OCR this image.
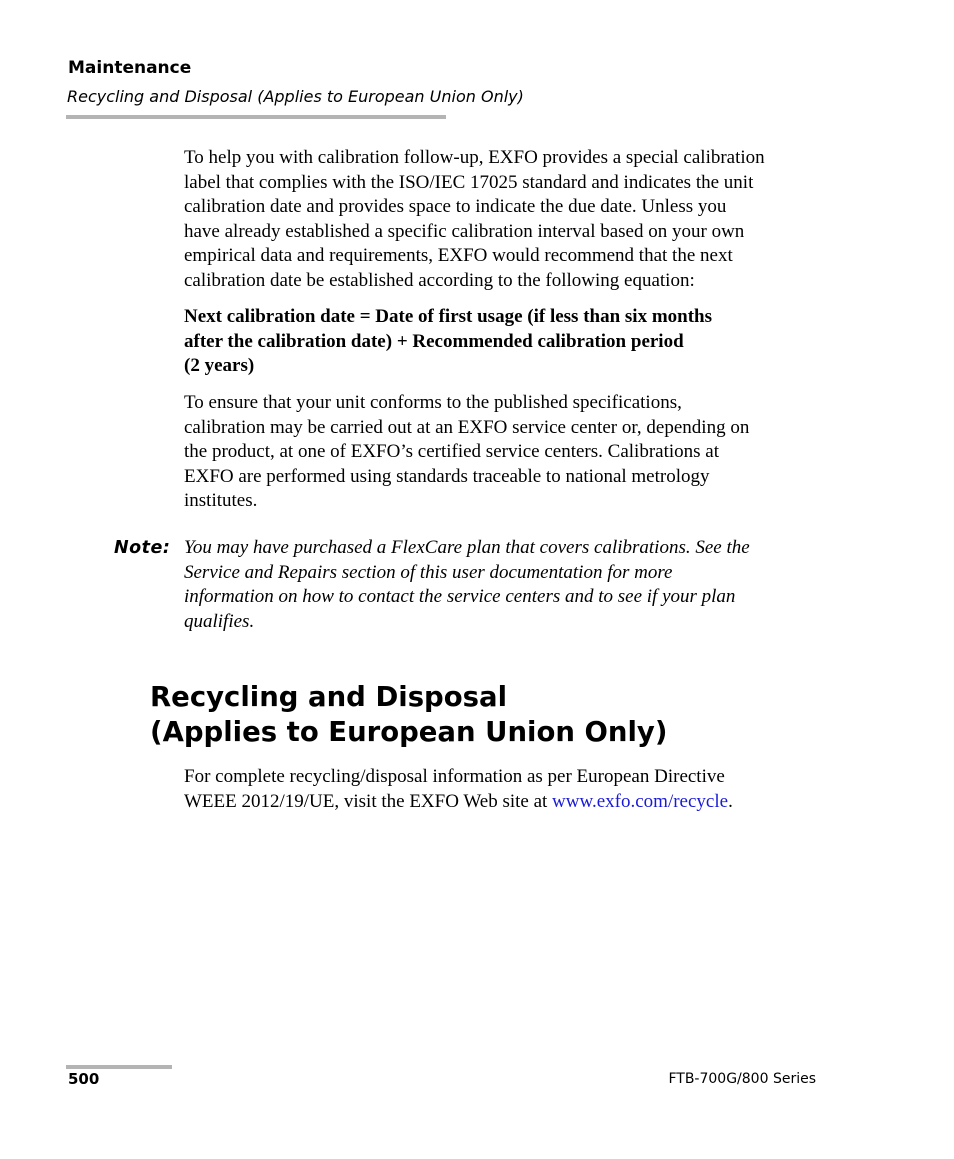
Maintenance
Recycling and Disposal (Applies to European Union Only)

To help you with calibration follow-up, EXFO provides a special calibration
label that complies with the ISO/IEC 17025 standard and indicates the unit
calibration date and provides space to indicate the due date. Unless you
have already established a specific calibration interval based on your own
empirical data and requirements, EXFO would recommend that the next
calibration date be established according to the following equation:

Next calibration date = Date of first usage (if less than six months
after the calibration date) + Recommended calibration period
(2 years)

To ensure that your unit conforms to the published specifications,
calibration may be carried out at an EXFO service center or, depending on
the product, at one of EXFO’s certified service centers. Calibrations at
EXFO are performed using standards traceable to national metrology
institutes.

Note: You may have purchased a FlexCare plan that covers calibrations. See the
Service and Repairs section of this user documentation for more
information on how to contact the service centers and to see if your plan
qualifies.

Recycling and Disposal
(Applies to European Union Only)

For complete recycling/disposal information as per European Directive
WEEE 2012/19/UE, visit the EXFO Web site at www.exfo.com/recycle.

500	FTB-700G/800 Series
